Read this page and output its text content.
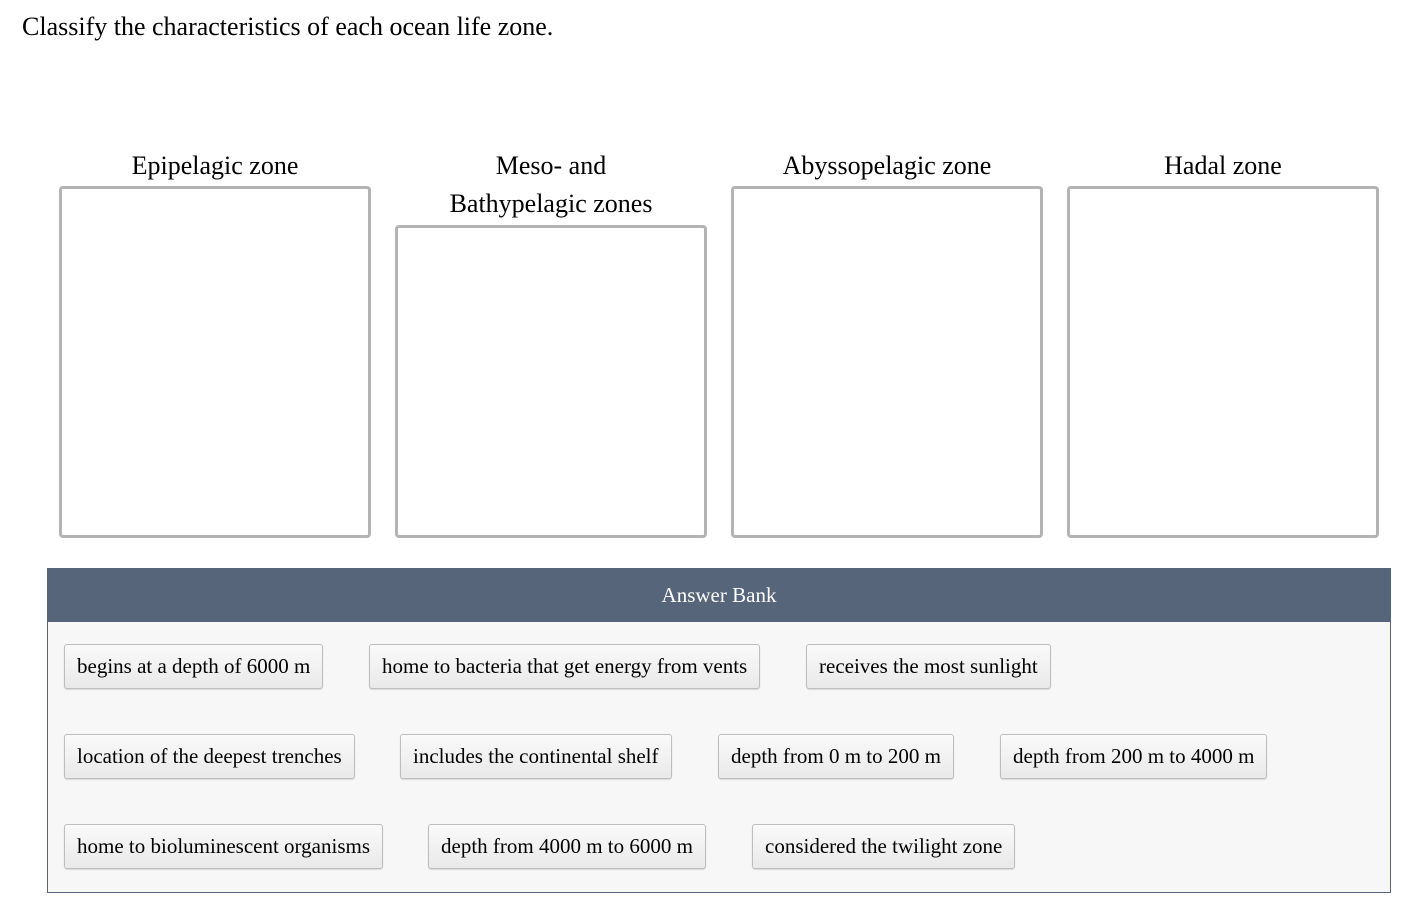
Classify the characteristics of each ocean life zone.
Epipelagic zone	Meso- and
Bathypelagic zones
Abyssopelagic zone	Hadal zone
Answer Bank
begins at a depth of 6000 m	home to bacteria that get energy from vents	receives the most sunlight
location of the deepest trenches	includes the continental shelf	depth from 0 m to 200 m	depth from 200 m to 4000 m
home to bioluminescent organisms	depth from 4000 m to 6000 m	considered the twilight zone
